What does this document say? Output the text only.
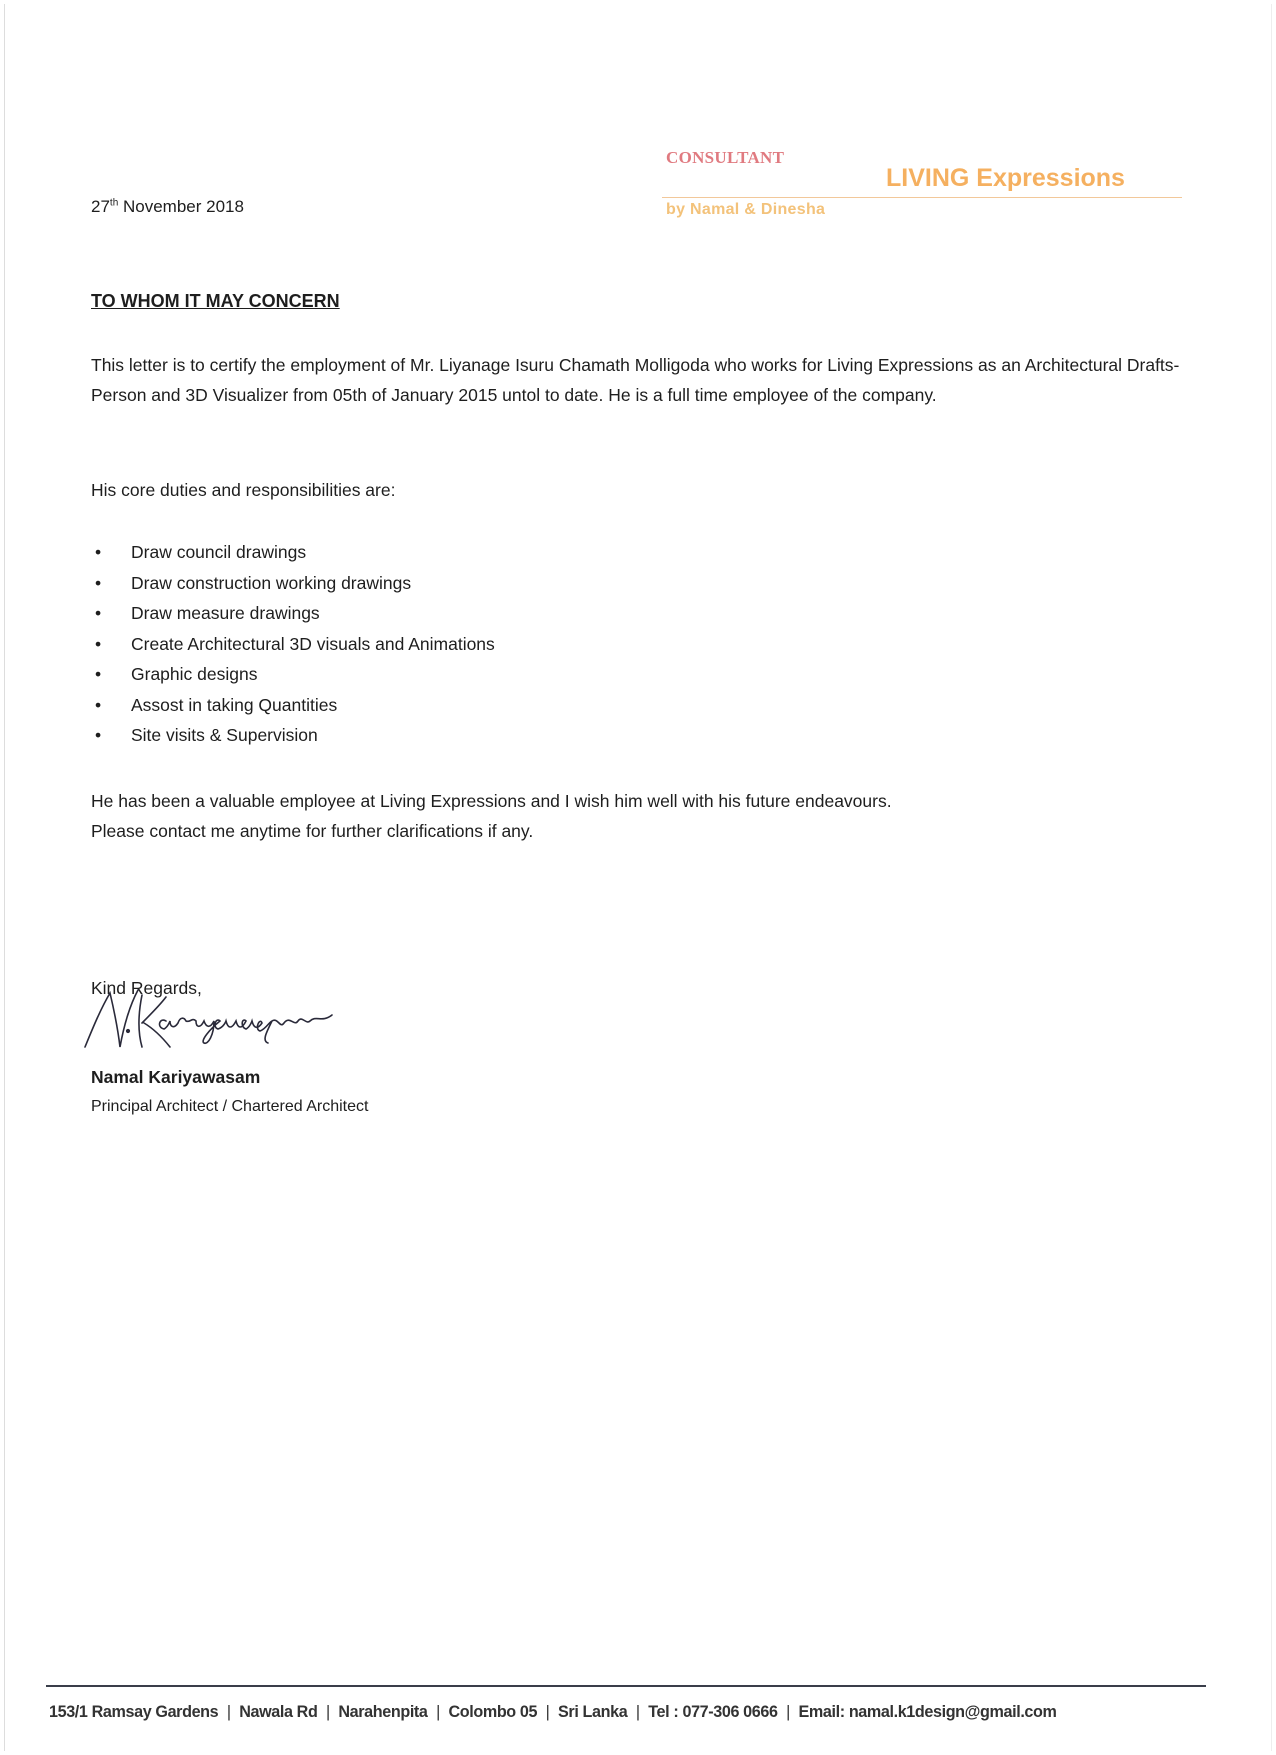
CONSULTANT
LIVING Expressions
by Namal & Dinesha
27th November 2018
TO WHOM IT MAY CONCERN
This letter is to certify the employment of Mr. Liyanage Isuru Chamath Molligoda who works for Living Expressions as an Architectural Drafts-Person and 3D Visualizer from 05th of January 2015 untol to date. He is a full time employee of the company.
His core duties and responsibilities are:
• Draw council drawings
• Draw construction working drawings
• Draw measure drawings
• Create Architectural 3D visuals and Animations
• Graphic designs
• Assost in taking Quantities
• Site visits & Supervision
He has been a valuable employee at Living Expressions and I wish him well with his future endeavours.
Please contact me anytime for further clarifications if any.
Kind Regards,
Namal Kariyawasam
Principal Architect / Chartered Architect
153/1 Ramsay Gardens | Nawala Rd | Narahenpita | Colombo 05 | Sri Lanka | Tel : 077-306 0666 | Email: namal.k1design@gmail.com
